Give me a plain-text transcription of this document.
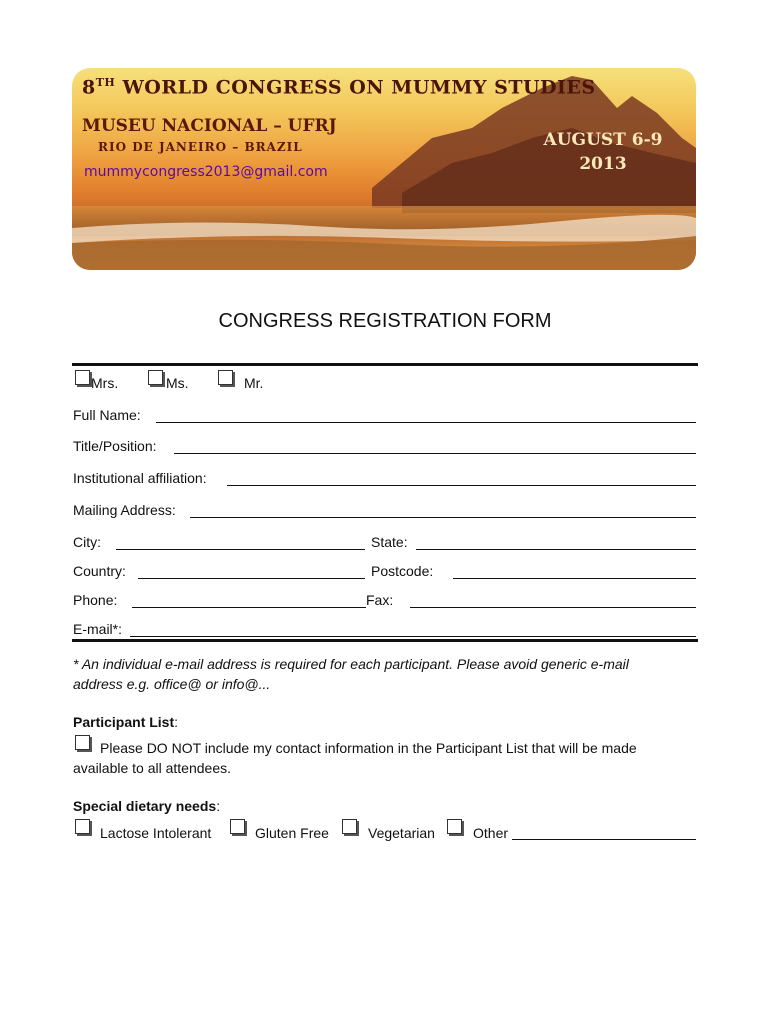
8TH WORLD CONGRESS ON MUMMY STUDIES
MUSEU NACIONAL – UFRJ
RIO DE JANEIRO – BRAZIL
mummycongress2013@gmail.com
AUGUST 6-9
2013
CONGRESS REGISTRATION FORM
Mrs.	Ms.	Mr.
Full Name:
Title/Position:
Institutional affiliation:
Mailing Address:
City:	State:
Country:	Postcode:
Phone:	Fax:
E-mail*:
* An individual e-mail address is required for each participant. Please avoid generic e-mail
address e.g. office@ or info@...
Participant List:
Please DO NOT include my contact information in the Participant List that will be made
available to all attendees.
Special dietary needs:
Lactose Intolerant	Gluten Free	Vegetarian	Other
